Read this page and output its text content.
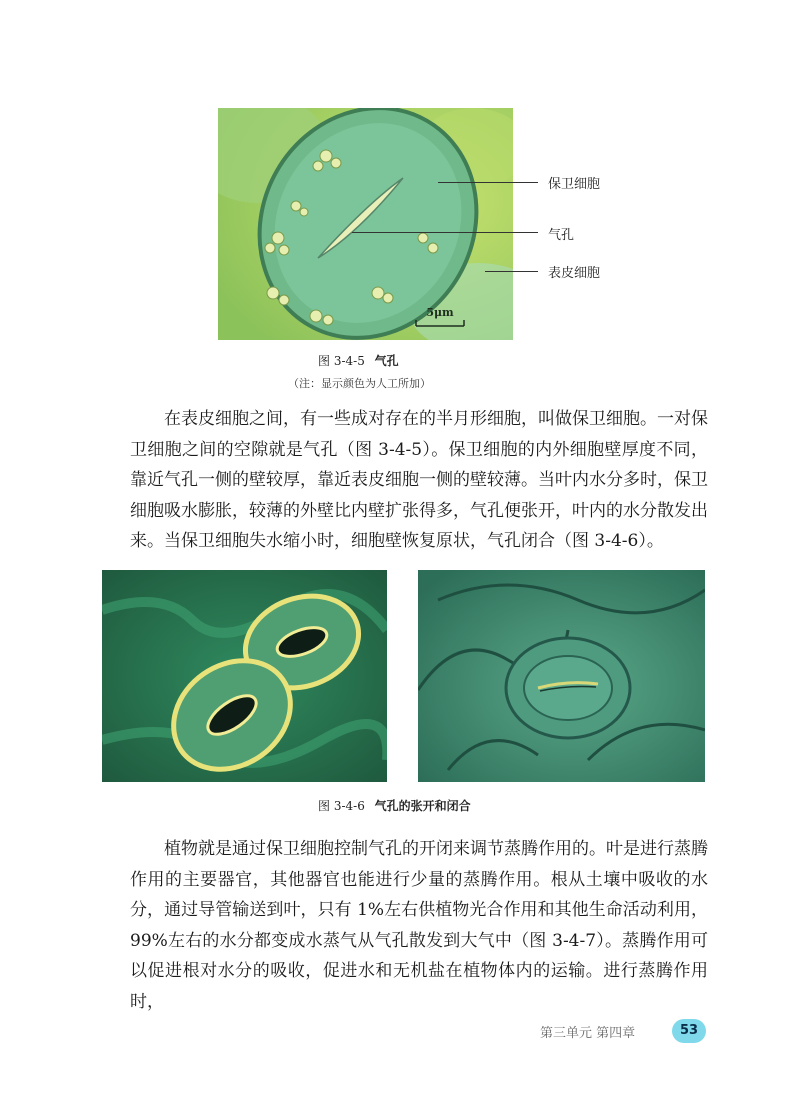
5μm
保卫细胞
气孔
表皮细胞
图 3-4-5 气孔
（注：显示颜色为人工所加）

在表皮细胞之间，有一些成对存在的半月形细胞，叫做保卫细胞。一对保卫细胞之间的空隙就是气孔（图 3-4-5）。保卫细胞的内外细胞壁厚度不同，靠近气孔一侧的壁较厚，靠近表皮细胞一侧的壁较薄。当叶内水分多时，保卫细胞吸水膨胀，较薄的外壁比内壁扩张得多，气孔便张开，叶内的水分散发出来。当保卫细胞失水缩小时，细胞壁恢复原状，气孔闭合（图 3-4-6）。

图 3-4-6 气孔的张开和闭合

植物就是通过保卫细胞控制气孔的开闭来调节蒸腾作用的。叶是进行蒸腾作用的主要器官，其他器官也能进行少量的蒸腾作用。根从土壤中吸收的水分，通过导管输送到叶，只有 1%左右供植物光合作用和其他生命活动利用，99%左右的水分都变成水蒸气从气孔散发到大气中（图 3-4-7）。蒸腾作用可以促进根对水分的吸收，促进水和无机盐在植物体内的运输。进行蒸腾作用时，

第三单元 第四章	53
